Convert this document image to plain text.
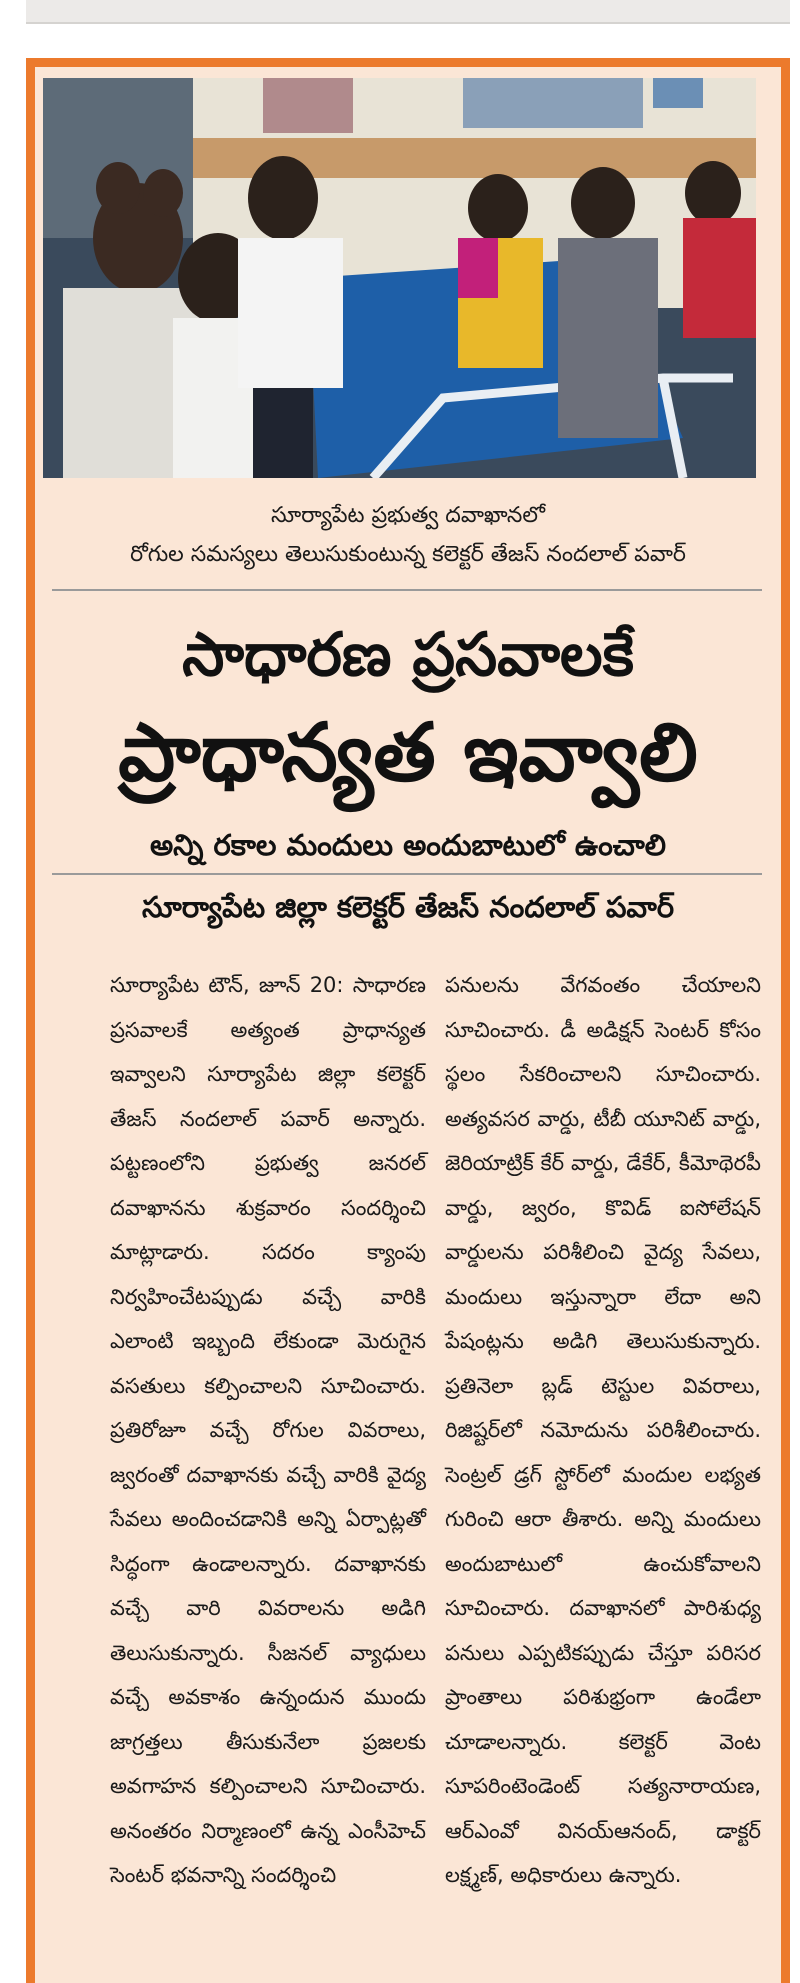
సూర్యాపేట ప్రభుత్వ దవాఖానలో
రోగుల సమస్యలు తెలుసుకుంటున్న కలెక్టర్ తేజస్ నందలాల్ పవార్
సాధారణ ప్రసవాలకే
ప్రాధాన్యత ఇవ్వాలి
అన్ని రకాల మందులు అందుబాటులో ఉంచాలి
సూర్యాపేట జిల్లా కలెక్టర్ తేజస్ నందలాల్ పవార్

సూర్యాపేట టౌన్, జూన్ 20: సాధారణ ప్రసవాలకే అత్యంత ప్రాధాన్యత ఇవ్వాలని సూర్యాపేట జిల్లా కలెక్టర్ తేజస్ నందలాల్ పవార్ అన్నారు. పట్టణంలోని ప్రభుత్వ జనరల్ దవాఖానను శుక్రవారం సందర్శించి మాట్లాడారు. సదరం క్యాంపు నిర్వహించేటప్పుడు వచ్చే వారికి ఎలాంటి ఇబ్బంది లేకుండా మెరుగైన వసతులు కల్పించాలని సూచించారు. ప్రతిరోజూ వచ్చే రోగుల వివరాలు, జ్వరంతో దవాఖానకు వచ్చే వారికి వైద్య సేవలు అందించడానికి అన్ని ఏర్పాట్లతో సిద్ధంగా ఉండాలన్నారు. దవాఖానకు వచ్చే వారి వివరాలను అడిగి తెలుసుకున్నారు. సీజనల్ వ్యాధులు వచ్చే అవకాశం ఉన్నందున ముందు జాగ్రత్తలు తీసుకునేలా ప్రజలకు అవగాహన కల్పించాలని సూచించారు. అనంతరం నిర్మాణంలో ఉన్న ఎంసీహెచ్ సెంటర్ భవనాన్ని సందర్శించి

పనులను వేగవంతం చేయాలని సూచించారు. డీ అడిక్షన్ సెంటర్ కోసం స్థలం సేకరించాలని సూచించారు. అత్యవసర వార్డు, టీబీ యూనిట్ వార్డు, జెరియాట్రిక్ కేర్ వార్డు, డేకేర్, కీమోథెరపీ వార్డు, జ్వరం, కొవిడ్ ఐసోలేషన్ వార్డులను పరిశీలించి వైద్య సేవలు, మందులు ఇస్తున్నారా లేదా అని పేషంట్లను అడిగి తెలుసుకున్నారు. ప్రతినెలా బ్లడ్ టెస్టుల వివరాలు, రిజిష్టర్‌లో నమోదును పరిశీలించారు. సెంట్రల్ డ్రగ్ స్టోర్‌లో మందుల లభ్యత గురించి ఆరా తీశారు. అన్ని మందులు అందుబాటులో ఉంచుకోవాలని సూచించారు. దవాఖానలో పారిశుధ్య పనులు ఎప్పటికప్పుడు చేస్తూ పరిసర ప్రాంతాలు పరిశుభ్రంగా ఉండేలా చూడాలన్నారు. కలెక్టర్ వెంట సూపరింటెండెంట్ సత్యనారాయణ, ఆర్‌ఎంవో వినయ్‌ఆనంద్, డాక్టర్ లక్ష్మణ్, అధికారులు ఉన్నారు.
